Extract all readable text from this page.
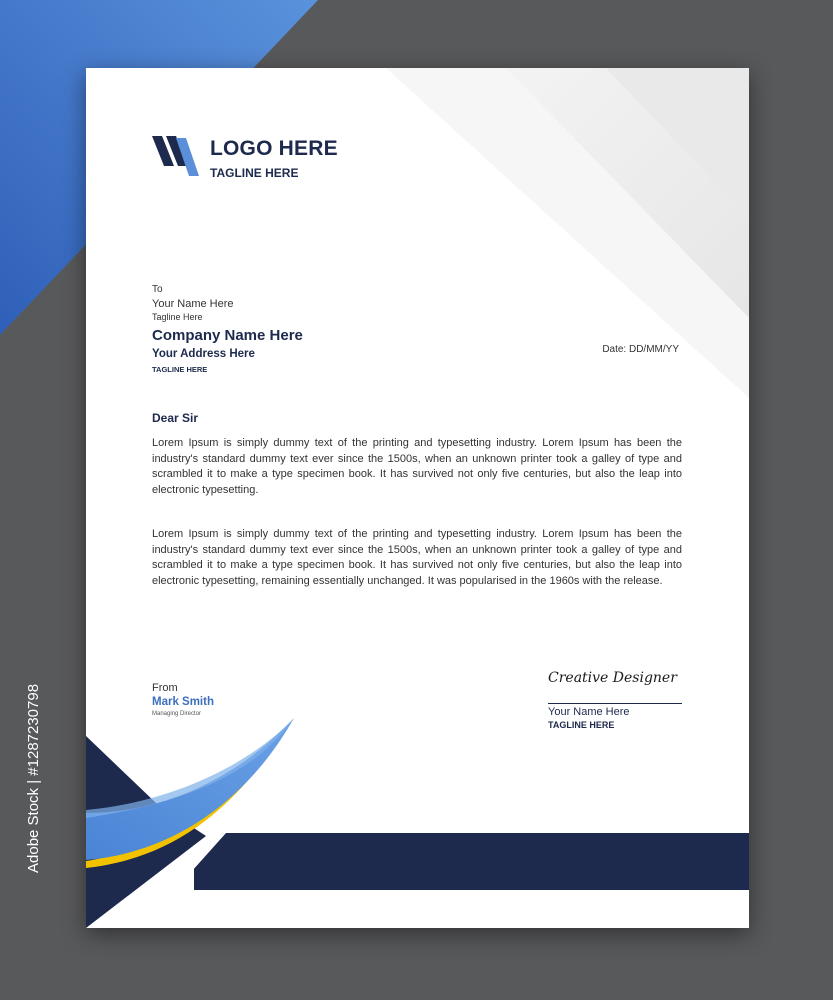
LOGO HERE
TAGLINE HERE
To
Your Name Here
Tagline Here
Company Name Here
Your Address Here
TAGLINE HERE
Date: DD/MM/YY
Dear Sir

Lorem Ipsum is simply dummy text of the printing and typesetting industry. Lorem Ipsum has been the industry's standard dummy text ever since the 1500s, when an unknown printer took a galley of type and scrambled it to make a type specimen book. It has survived not only five centuries, but also the leap into electronic typesetting.

Lorem Ipsum is simply dummy text of the printing and typesetting industry. Lorem Ipsum has been the industry's standard dummy text ever since the 1500s, when an unknown printer took a galley of type and scrambled it to make a type specimen book. It has survived not only five centuries, but also the leap into electronic typesetting, remaining essentially unchanged. It was popularised in the 1960s with the release.

From
Mark Smith
Managing Director
Creative Designer
Your Name Here
TAGLINE HERE
Adobe Stock | #1287230798
